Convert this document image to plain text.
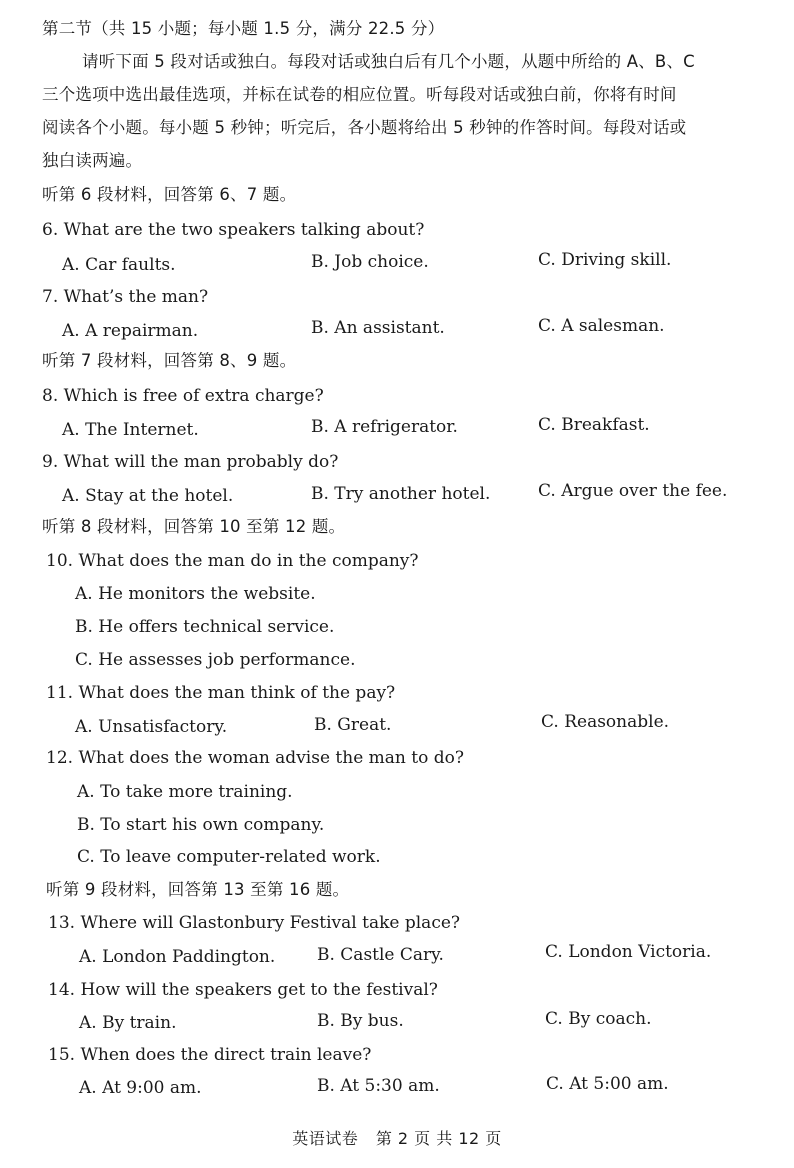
第二节（共 15 小题；每小题 1.5 分，满分 22.5 分）
请听下面 5 段对话或独白。每段对话或独白后有几个小题，从题中所给的 A、B、C
三个选项中选出最佳选项，并标在试卷的相应位置。听每段对话或独白前，你将有时间
阅读各个小题。每小题 5 秒钟；听完后，各小题将给出 5 秒钟的作答时间。每段对话或
独白读两遍。
听第 6 段材料，回答第 6、7 题。
6. What are the two speakers talking about?
A. Car faults.	B. Job choice.	C. Driving skill.
7. What’s the man?
A. A repairman.	B. An assistant.	C. A salesman.
听第 7 段材料，回答第 8、9 题。
8. Which is free of extra charge?
A. The Internet.	B. A refrigerator.	C. Breakfast.
9. What will the man probably do?
A. Stay at the hotel.	B. Try another hotel.	C. Argue over the fee.
听第 8 段材料，回答第 10 至第 12 题。
10. What does the man do in the company?
A. He monitors the website.
B. He offers technical service.
C. He assesses job performance.
11. What does the man think of the pay?
A. Unsatisfactory.	B. Great.	C. Reasonable.
12. What does the woman advise the man to do?
A. To take more training.
B. To start his own company.
C. To leave computer-related work.
听第 9 段材料，回答第 13 至第 16 题。
13. Where will Glastonbury Festival take place?
A. London Paddington. B. Castle Cary.	C. London Victoria.
14. How will the speakers get to the festival?
A. By train.	B. By bus.	C. By coach.
15. When does the direct train leave?
A. At 9:00 am.	B. At 5:30 am.	C. At 5:00 am.
英语试卷 第 2 页 共 12 页
